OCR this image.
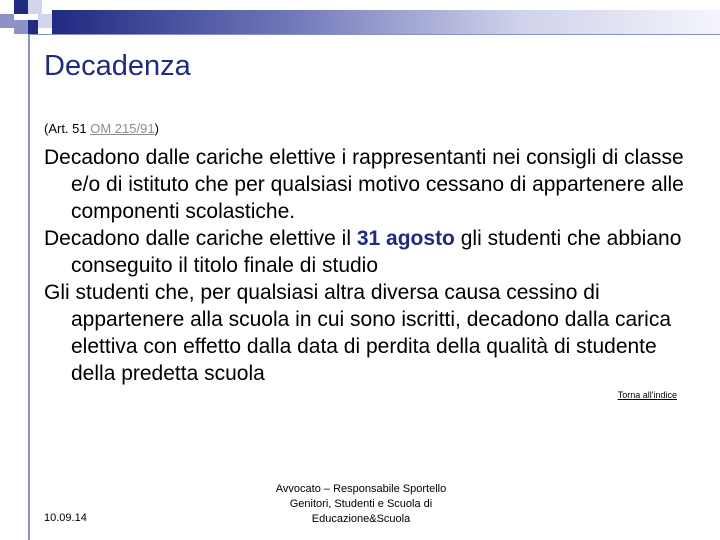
Decadenza
(Art. 51 OM 215/91)

Decadono dalle cariche elettive i rappresentanti nei consigli di classe e/o di istituto che per qualsiasi motivo cessano di appartenere alle componenti scolastiche.

Decadono dalle cariche elettive il 31 agosto gli studenti che abbiano conseguito il titolo finale di studio

Gli studenti che, per qualsiasi altra diversa causa cessino di appartenere alla scuola in cui sono iscritti, decadono dalla carica elettiva con effetto dalla data di perdita della qualità di studente della predetta scuola

Torna all'indice
10.09.14
Avvocato – Responsabile Sportello
Genitori, Studenti e Scuola di
Educazione&Scuola
